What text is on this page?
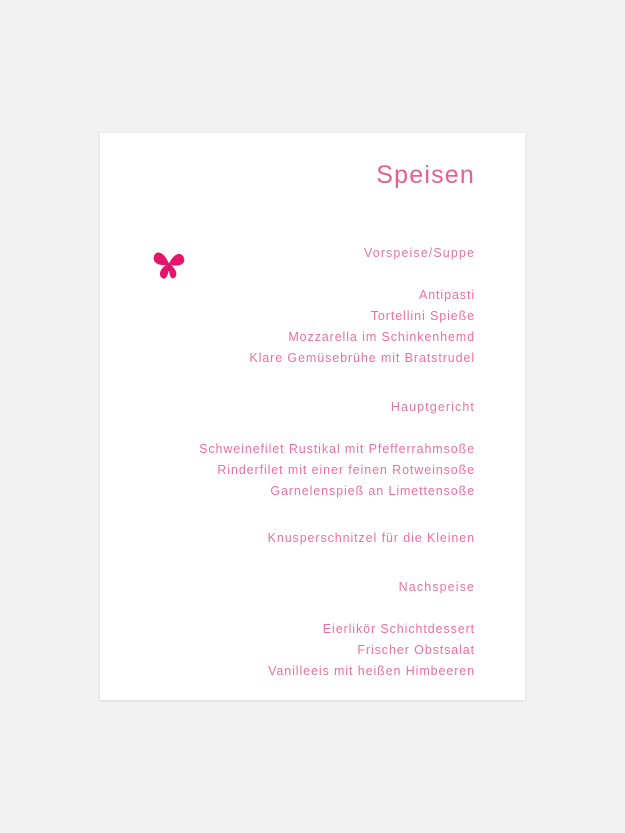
Speisen
Vorspeise/Suppe
Antipasti
Tortellini Spieße
Mozzarella im Schinkenhemd
Klare Gemüsebrühe mit Bratstrudel
Hauptgericht
Schweinefilet Rustikal mit Pfefferrahmsoße
Rinderfilet mit einer feinen Rotweinsoße
Garnelenspieß an Limettensoße
Knusperschnitzel für die Kleinen
Nachspeise
Eierlikör Schichtdessert
Frischer Obstsalat
Vanilleeis mit heißen Himbeeren
